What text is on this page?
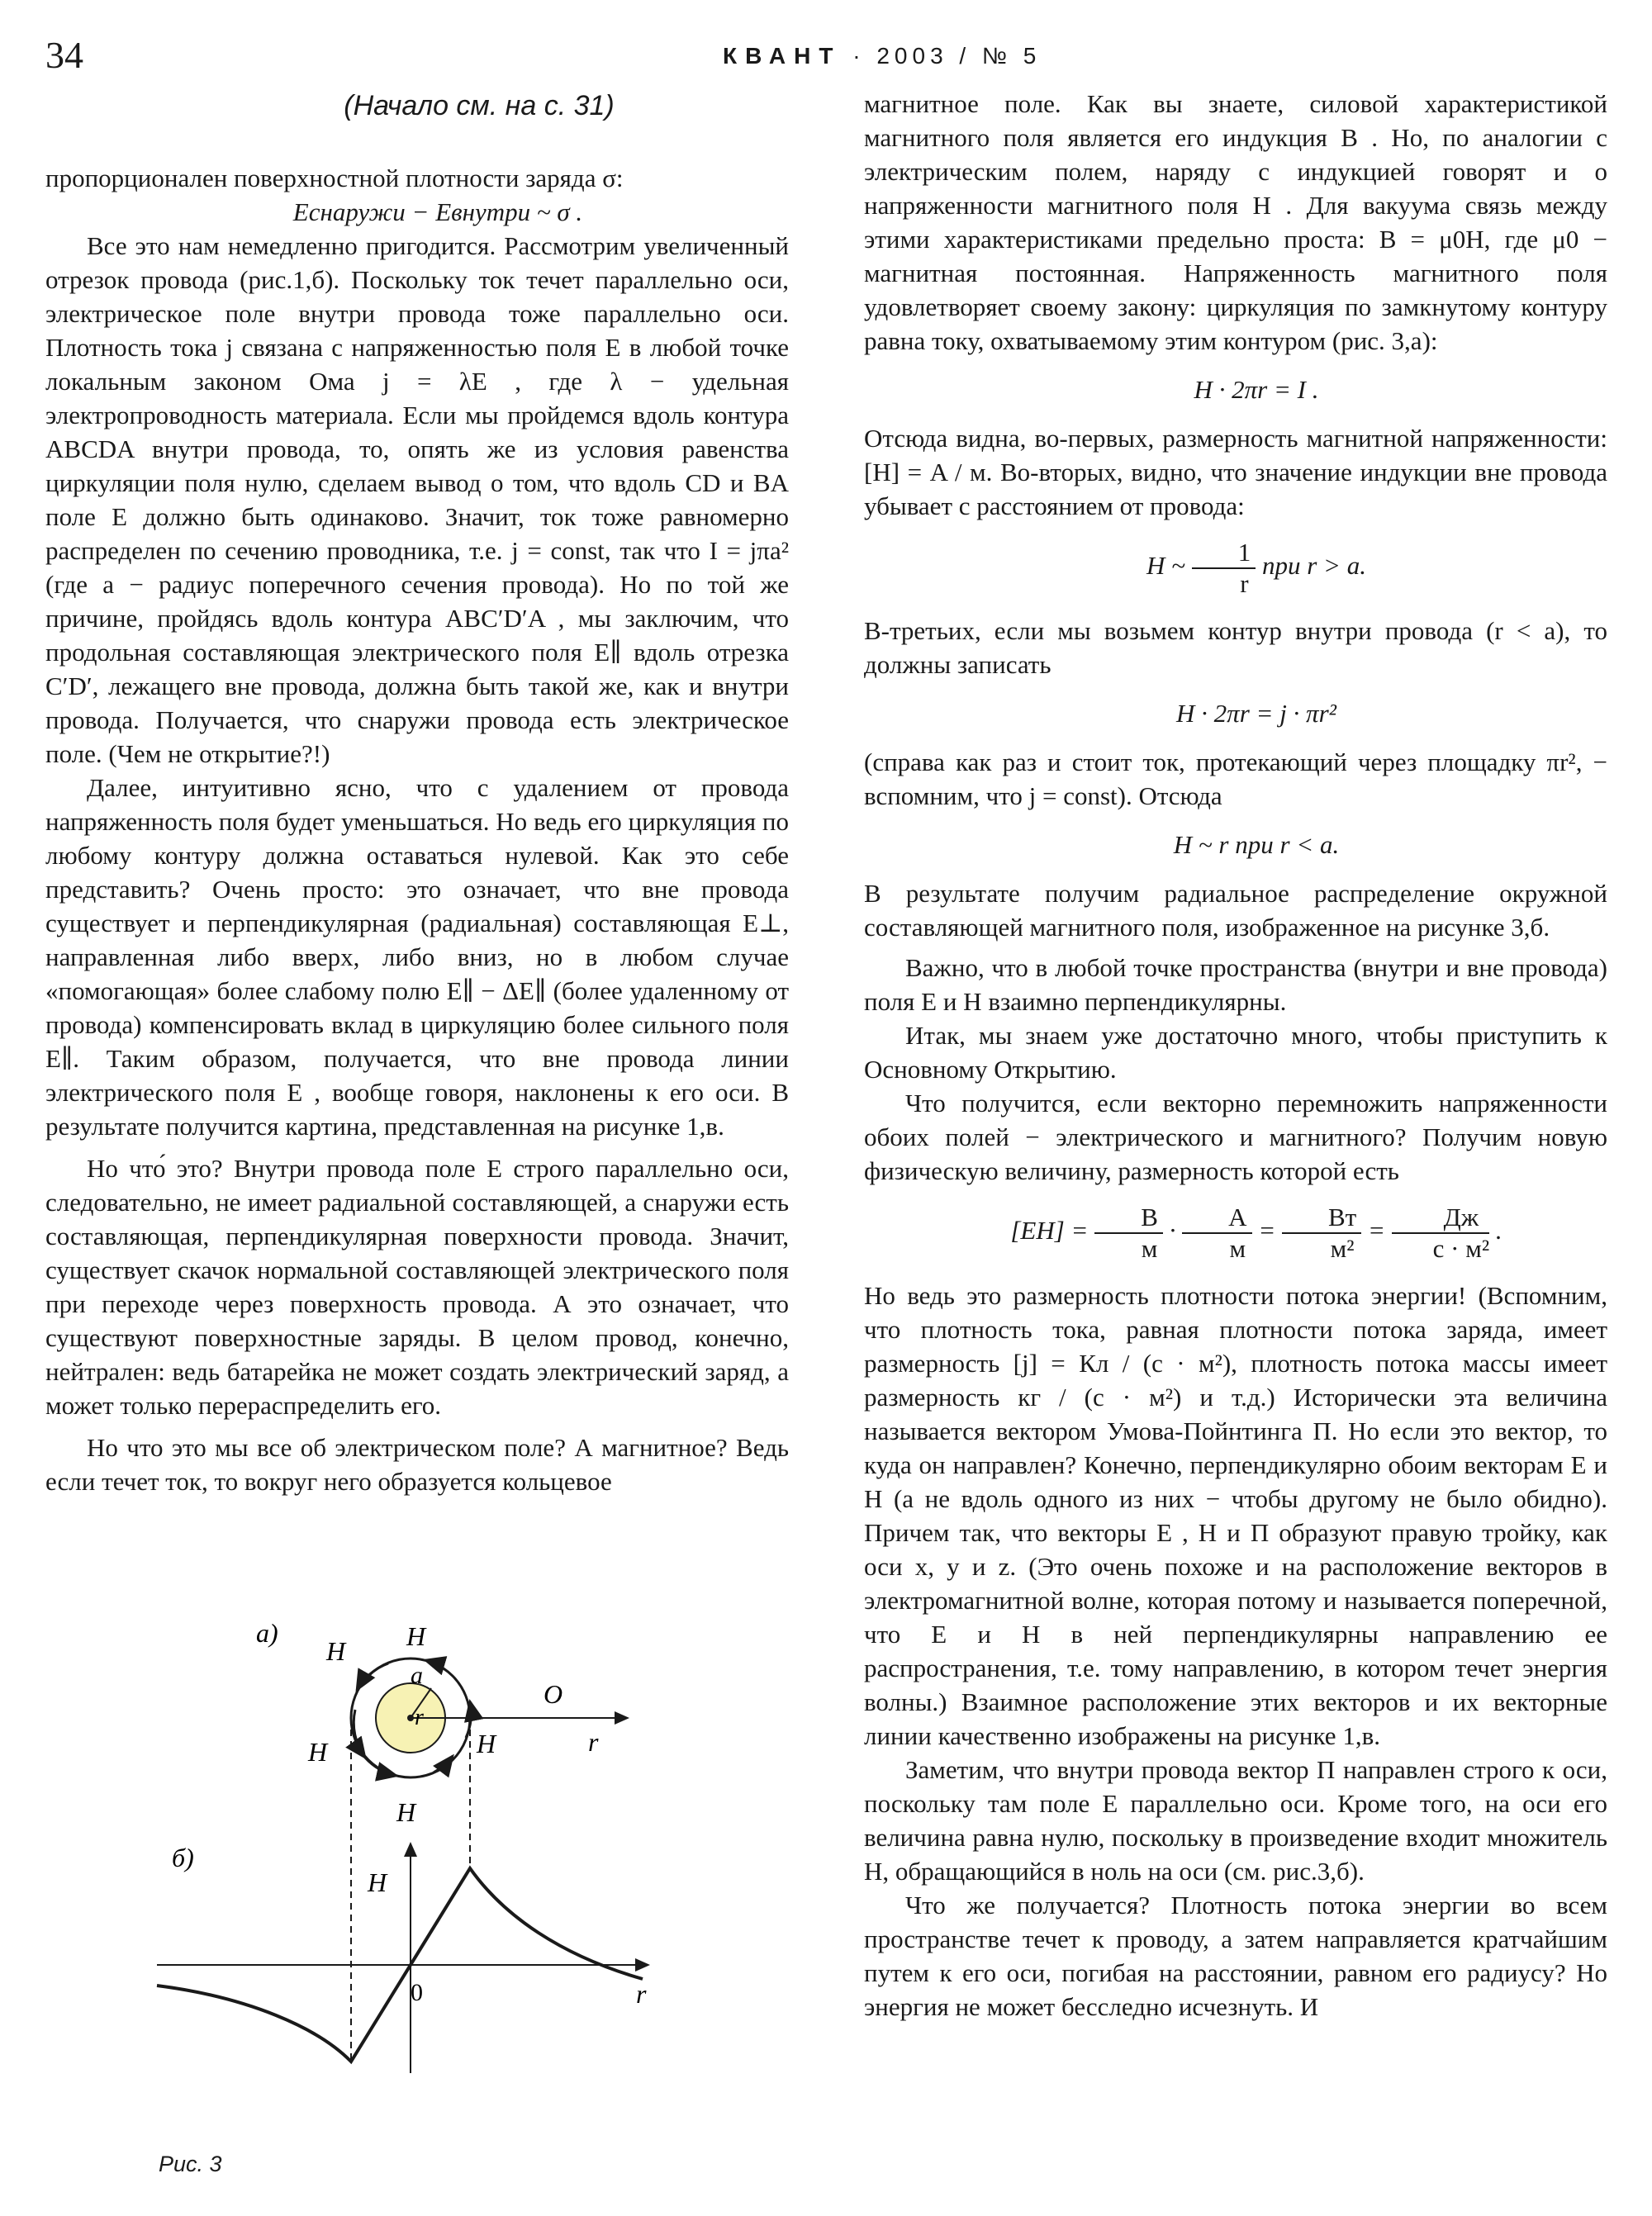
34	КВАНТ · 2003 / № 5
(Начало см. на с. 31)

пропорционален поверхностной плотности заряда σ:

Eснаружи − Eвнутри ~ σ .

Все это нам немедленно пригодится. Рассмотрим увеличенный отрезок провода (рис.1,б). Поскольку ток течет параллельно оси, электрическое поле внутри провода тоже параллельно оси. Плотность тока j связана с напряженностью поля E в любой точке локальным законом Ома j = λE , где λ − удельная электропроводность материала. Если мы пройдемся вдоль контура ABCDA внутри провода, то, опять же из условия равенства циркуляции поля нулю, сделаем вывод о том, что вдоль CD и BA поле E должно быть одинаково. Значит, ток тоже равномерно распределен по сечению проводника, т.е. j = const, так что I = jπa² (где a − радиус поперечного сечения провода). Но по той же причине, пройдясь вдоль контура ABC′D′A , мы заключим, что продольная составляющая электрического поля E∥ вдоль отрезка C′D′, лежащего вне провода, должна быть такой же, как и внутри провода. Получается, что снаружи провода есть электрическое поле. (Чем не открытие?!)

Далее, интуитивно ясно, что с удалением от провода напряженность поля будет уменьшаться. Но ведь его циркуляция по любому контуру должна оставаться нулевой. Как это себе представить? Очень просто: это означает, что вне провода существует и перпендикулярная (радиальная) составляющая E⊥, направленная либо вверх, либо вниз, но в любом случае «помогающая» более слабому полю E∥ − ΔE∥ (более удаленному от провода) компенсировать вклад в циркуляцию более сильного поля E∥. Таким образом, получается, что вне провода линии электрического поля E , вообще говоря, наклонены к его оси. В результате получится картина, представленная на рисунке 1,в.

Но что́ это? Внутри провода поле E строго параллельно оси, следовательно, не имеет радиальной составляющей, а снаружи есть составляющая, перпендикулярная поверхности провода. Значит, существует скачок нормальной составляющей электрического поля при переходе через поверхность провода. А это означает, что существуют поверхностные заряды. В целом провод, конечно, нейтрален: ведь батарейка не может создать электрический заряд, а может только перераспределить его.

Но что это мы все об электрическом поле? А магнитное? Ведь если течет ток, то вокруг него образуется кольцевое

магнитное поле. Как вы знаете, силовой характеристикой магнитного поля является его индукция B . Но, по аналогии с электрическим полем, наряду с индукцией говорят и о напряженности магнитного поля H . Для вакуума связь между этими характеристиками предельно проста: B = μ0H, где μ0 − магнитная постоянная. Напряженность магнитного поля удовлетворяет своему закону: циркуляция по замкнутому контуру равна току, охватываемому этим контуром (рис. 3,а):

H · 2πr = I .

Отсюда видна, во-первых, размерность магнитной напряженности: [H] = A / м. Во-вторых, видно, что значение индукции вне провода убывает с расстоянием от провода:

H ~ $\frac{1}{r}$ при r > a.

В-третьих, если мы возьмем контур внутри провода (r < a), то должны записать

H · 2πr = j · πr²

(справа как раз и стоит ток, протекающий через площадку πr², − вспомним, что j = const). Отсюда

H ~ r при r < a.

В результате получим радиальное распределение окружной составляющей магнитного поля, изображенное на рисунке 3,б.

Важно, что в любой точке пространства (внутри и вне провода) поля E и H взаимно перпендикулярны.

Итак, мы знаем уже достаточно много, чтобы приступить к Основному Открытию.

Что получится, если векторно перемножить напряженности обоих полей − электрического и магнитного? Получим новую физическую величину, размерность которой есть

$[EH] = \frac{В}{м} \cdot \frac{А}{м} = \frac{Вт}{\text{м²}} = \frac{Дж}{\text{с · м²}}$ .

Но ведь это размерность плотности потока энергии! (Вспомним, что плотность тока, равная плотности потока заряда, имеет размерность [j] = Кл / (с · м²), плотность потока массы имеет размерность кг / (с · м²) и т.д.) Исторически эта величина называется вектором Умова-Пойнтинга П. Но если это вектор, то куда он направлен? Конечно, перпендикулярно обоим векторам E и H (а не вдоль одного из них − чтобы другому не было обидно). Причем так, что векторы E , H и П образуют правую тройку, как оси x, y и z. (Это очень похоже и на расположение векторов в электромагнитной волне, которая потому и называется поперечной, что E и H в ней перпендикулярны направлению ее распространения, т.е. тому направлению, в котором течет энергия волны.) Взаимное расположение этих векторов и их векторные линии качественно изображены на рисунке 1,в.

Заметим, что внутри провода вектор П направлен строго к оси, поскольку там поле E параллельно оси. Кроме того, на оси его величина равна нулю, поскольку в произведение входит множитель H, обращающийся в ноль на оси (см. рис.3,б).

Что же получается? Плотность потока энергии во всем пространстве течет к проводу, а затем направляется кратчайшим путем к его оси, погибая на расстоянии, равном его радиусу? Но энергия не может бесследно исчезнуть. И

а)
H H
H	H
H
a
r
O
r
б)
H
0	r
Рис. 3
